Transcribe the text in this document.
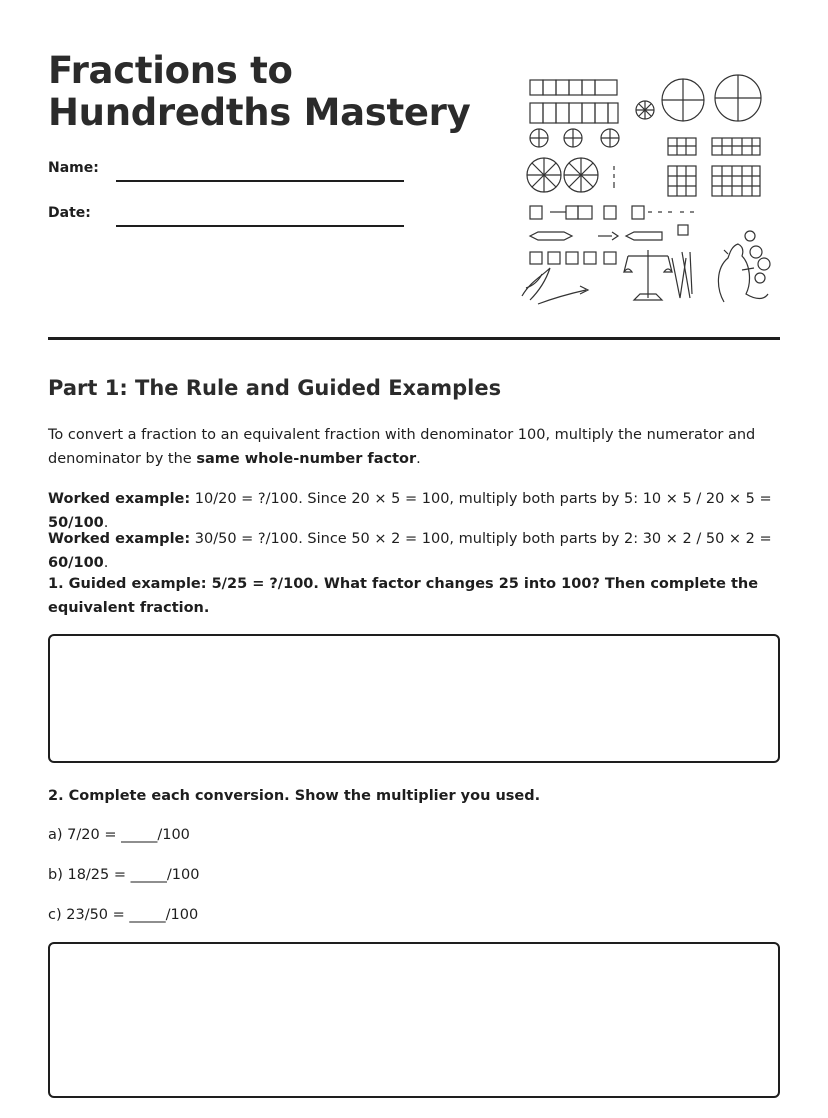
Fractions to Hundredths Mastery
Name:
Date:
Part 1: The Rule and Guided Examples

To convert a fraction to an equivalent fraction with denominator 100, multiply the numerator and denominator by the same whole-number factor.

Worked example: 10/20 = ?/100. Since 20 × 5 = 100, multiply both parts by 5: 10 × 5 / 20 × 5 = 50/100.

Worked example: 30/50 = ?/100. Since 50 × 2 = 100, multiply both parts by 2: 30 × 2 / 50 × 2 = 60/100.

1. Guided example: 5/25 = ?/100. What factor changes 25 into 100? Then complete the equivalent fraction.

2. Complete each conversion. Show the multiplier you used.

a) 7/20 = _____/100
b) 18/25 = _____/100
c) 23/50 = _____/100
